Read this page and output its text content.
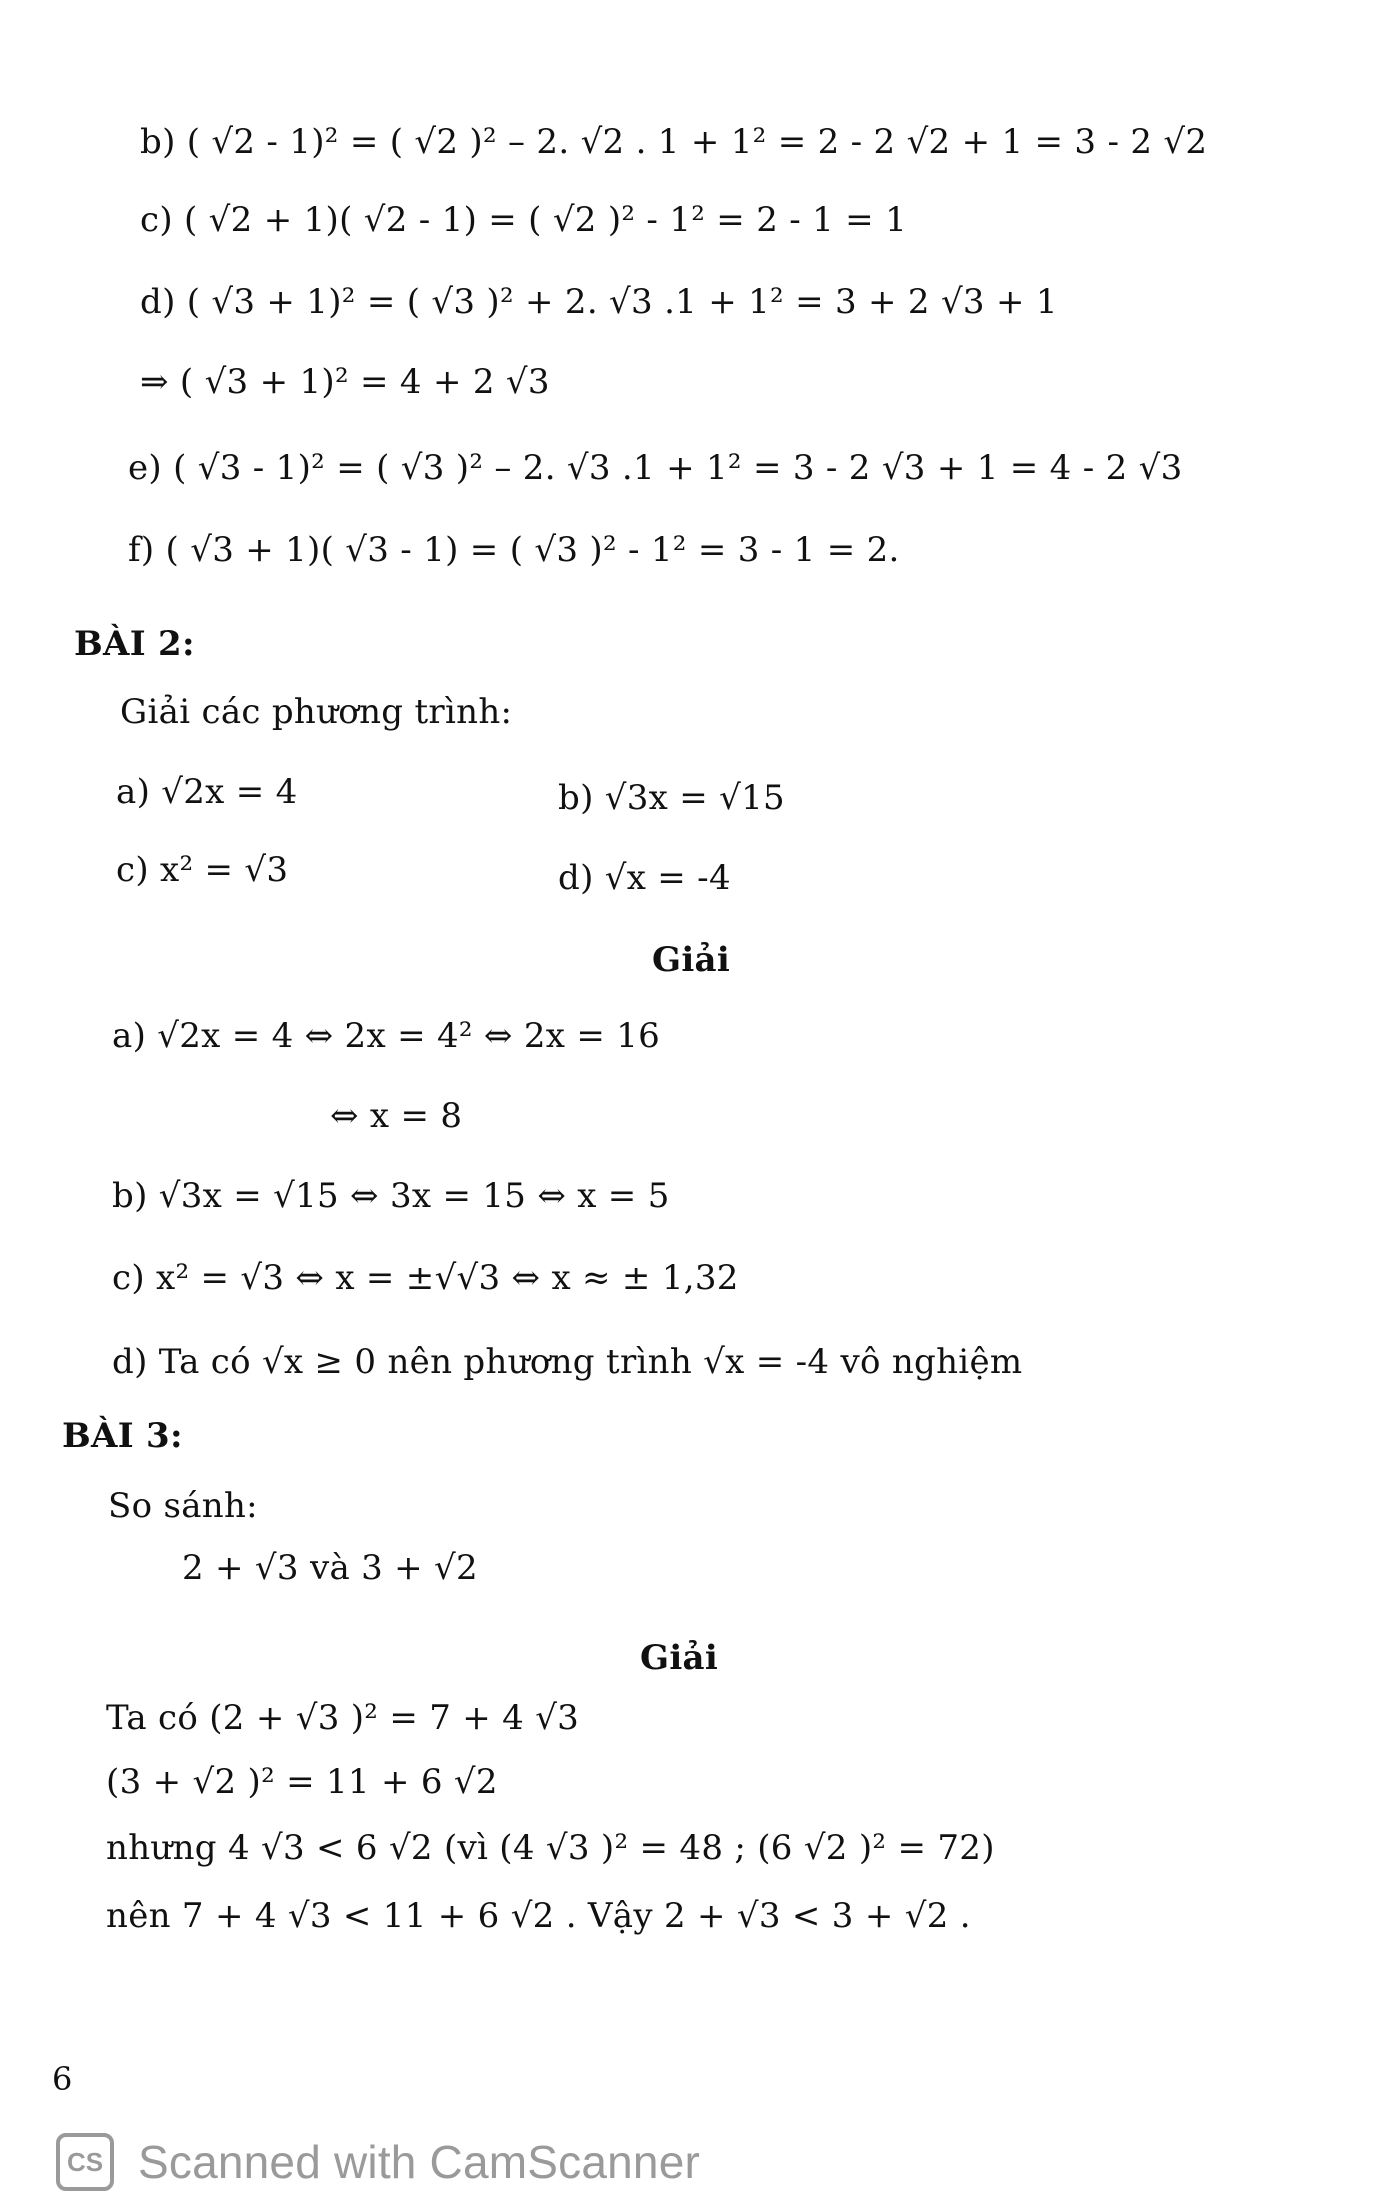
b) ( √2 - 1)² = ( √2 )² – 2. √2 . 1 + 1² = 2 - 2 √2 + 1 = 3 - 2 √2
c) ( √2 + 1)( √2 - 1) = ( √2 )² - 1² = 2 - 1 = 1
d) ( √3 + 1)² = ( √3 )² + 2. √3 .1 + 1² = 3 + 2 √3 + 1
⇒ ( √3 + 1)² = 4 + 2 √3
e) ( √3 - 1)² = ( √3 )² – 2. √3 .1 + 1² = 3 - 2 √3 + 1 = 4 - 2 √3
f) ( √3 + 1)( √3 - 1) = ( √3 )² - 1² = 3 - 1 = 2.
BÀI 2:
Giải các phương trình:
a) √2x = 4	b) √3x = √15
c) x² = √3	d) √x = -4
Giải
a) √2x = 4 ⇔ 2x = 4² ⇔ 2x = 16
⇔ x = 8
b) √3x = √15 ⇔ 3x = 15 ⇔ x = 5
c) x² = √3 ⇔ x = ±√√3 ⇔ x ≈ ± 1,32
d) Ta có √x ≥ 0 nên phương trình √x = -4 vô nghiệm
BÀI 3:
So sánh:
2 + √3 và 3 + √2
Giải
Ta có (2 + √3 )² = 7 + 4 √3
(3 + √2 )² = 11 + 6 √2
nhưng 4 √3 < 6 √2 (vì (4 √3 )² = 48 ; (6 √2 )² = 72)
nên 7 + 4 √3 < 11 + 6 √2 . Vậy 2 + √3 < 3 + √2 .
6
CS Scanned with CamScanner
